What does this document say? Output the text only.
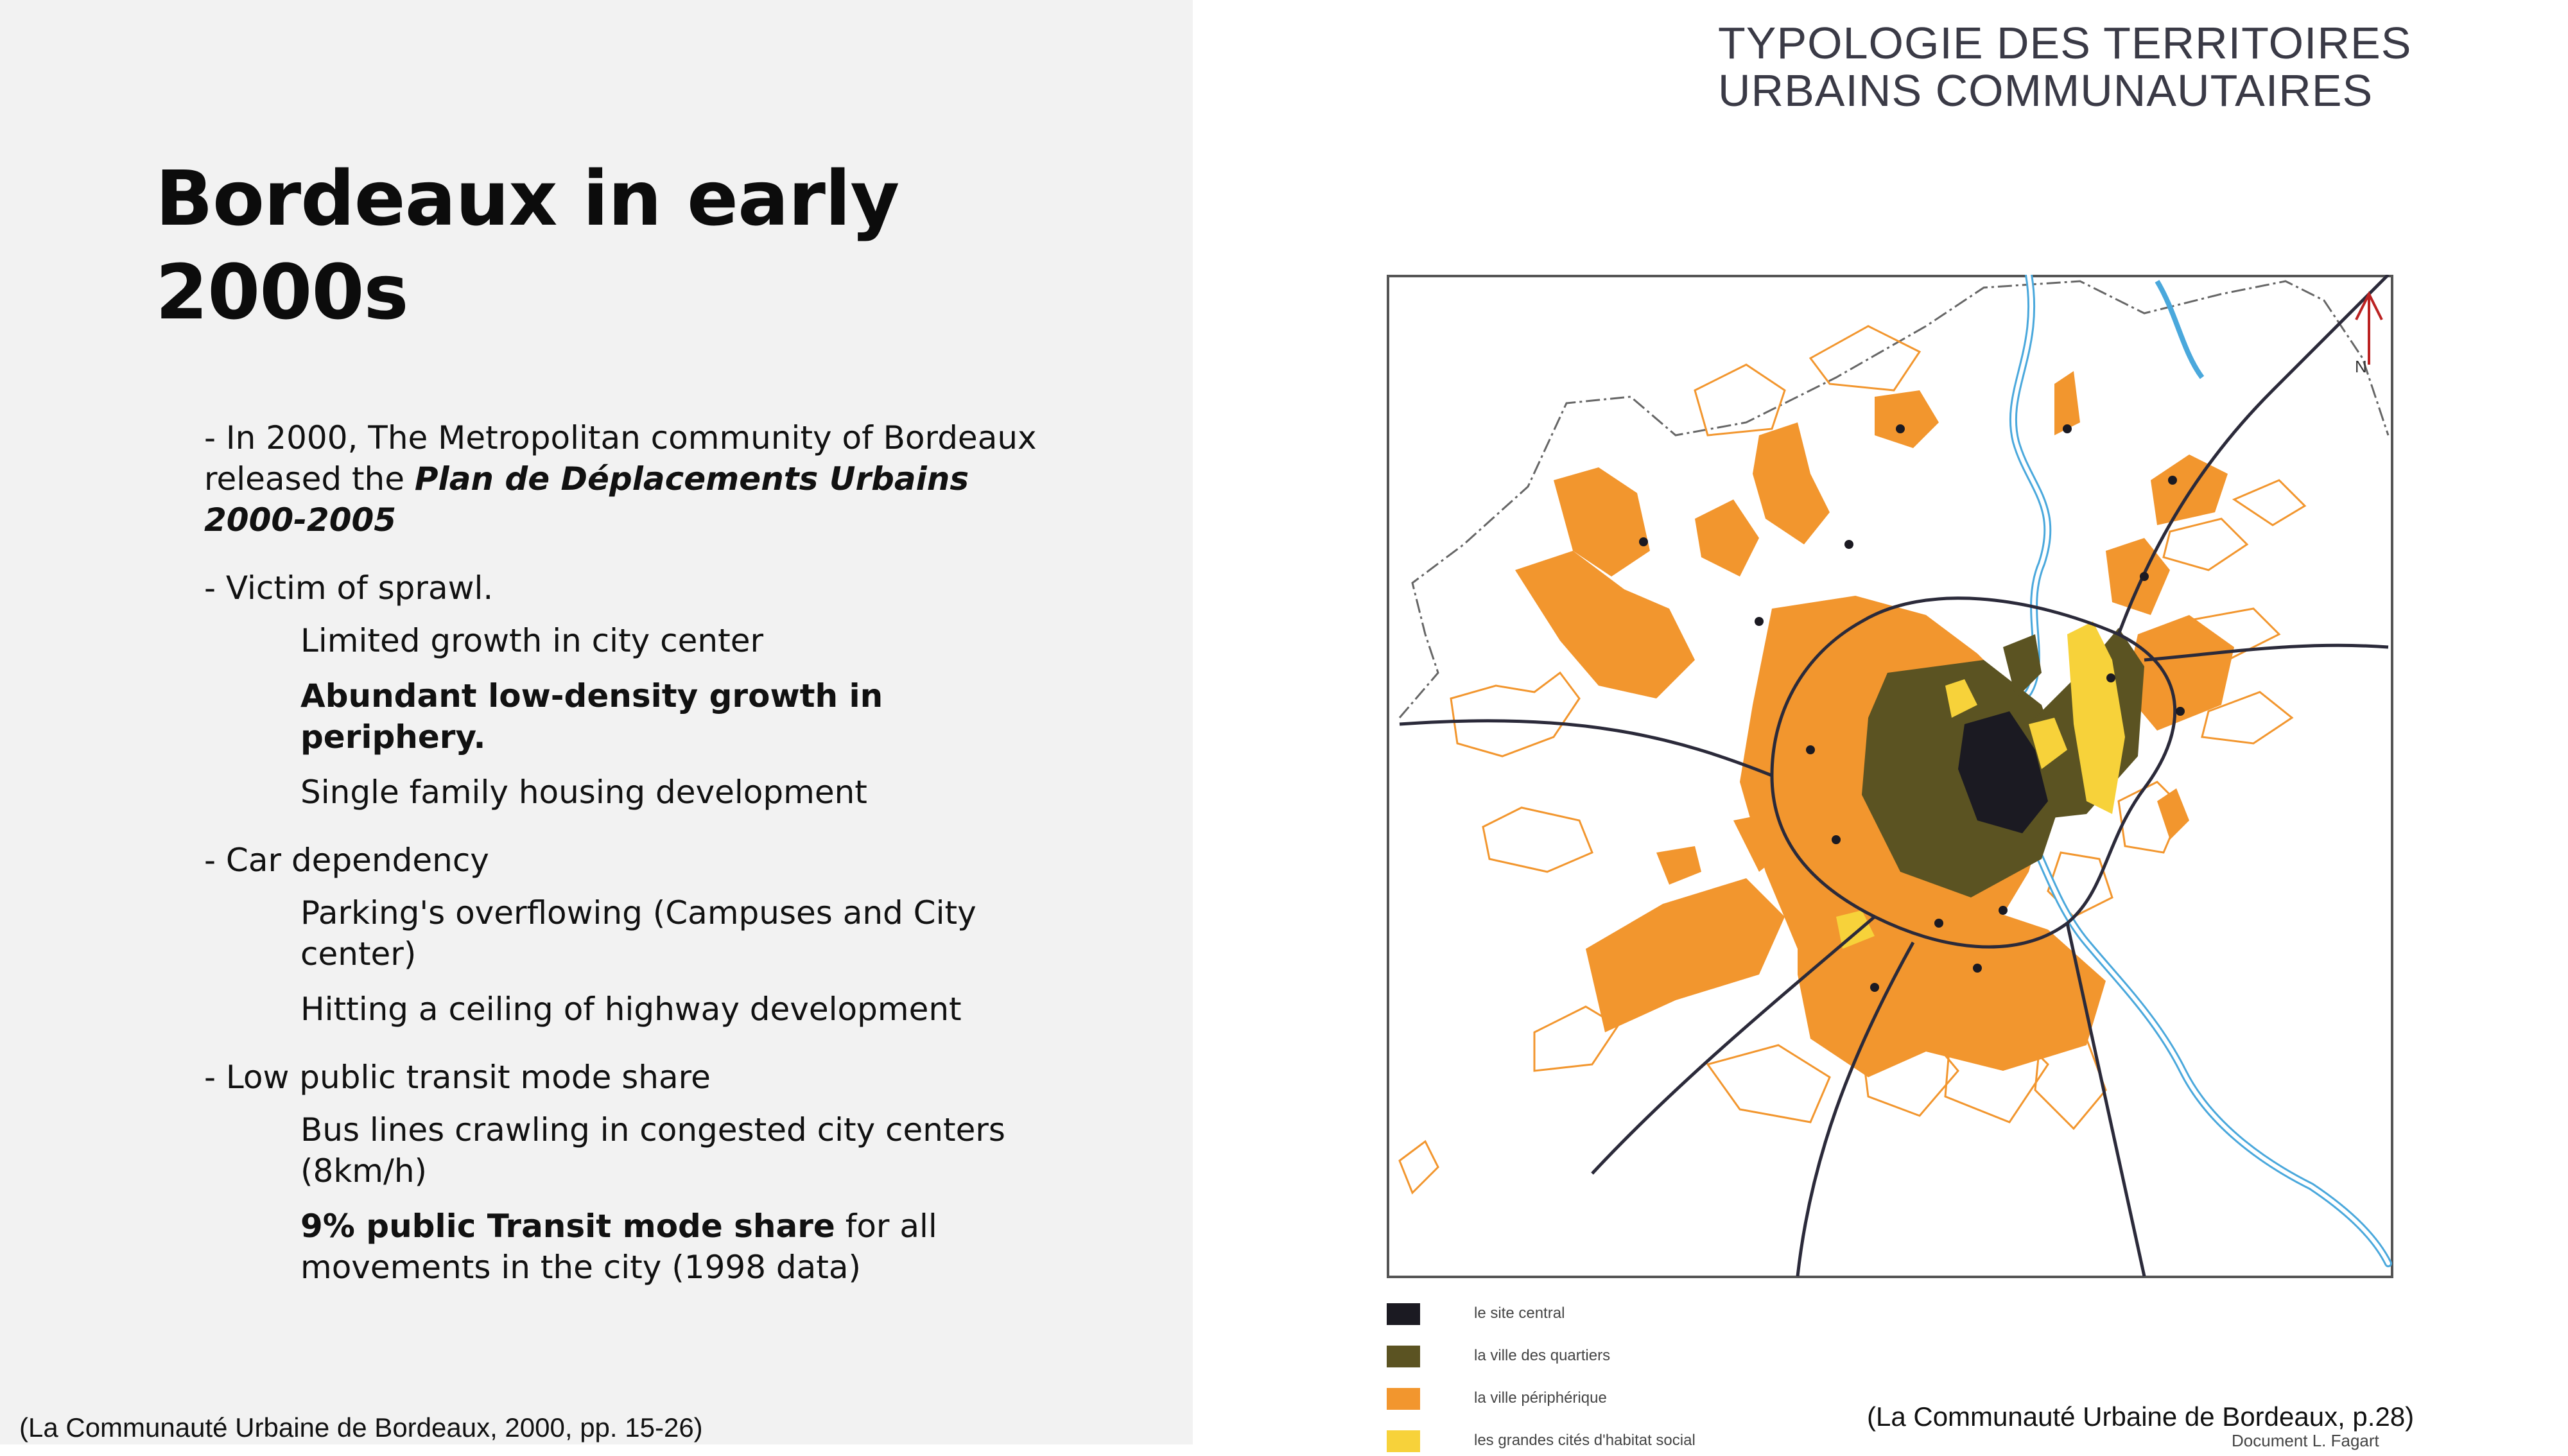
Bordeaux in early 2000s
- In 2000, The Metropolitan community of Bordeaux released the Plan de Déplacements Urbains 2000-2005
- Victim of sprawl.
Limited growth in city center
Abundant low-density growth in periphery.
Single family housing development
- Car dependency
Parking's overflowing (Campuses and City center)
Hitting a ceiling of highway development
- Low public transit mode share
Bus lines crawling in congested city centers (8km/h)
9% public Transit mode share for all movements in the city (1998 data)
(La Communauté Urbaine de Bordeaux, 2000, pp. 15-26)
TYPOLOGIE DES TERRITOIRES
URBAINS COMMUNAUTAIRES
N
le site central
la ville des quartiers
la ville périphérique
les grandes cités d'habitat social
(La Communauté Urbaine de Bordeaux, p.28)
Document L. Fagart
